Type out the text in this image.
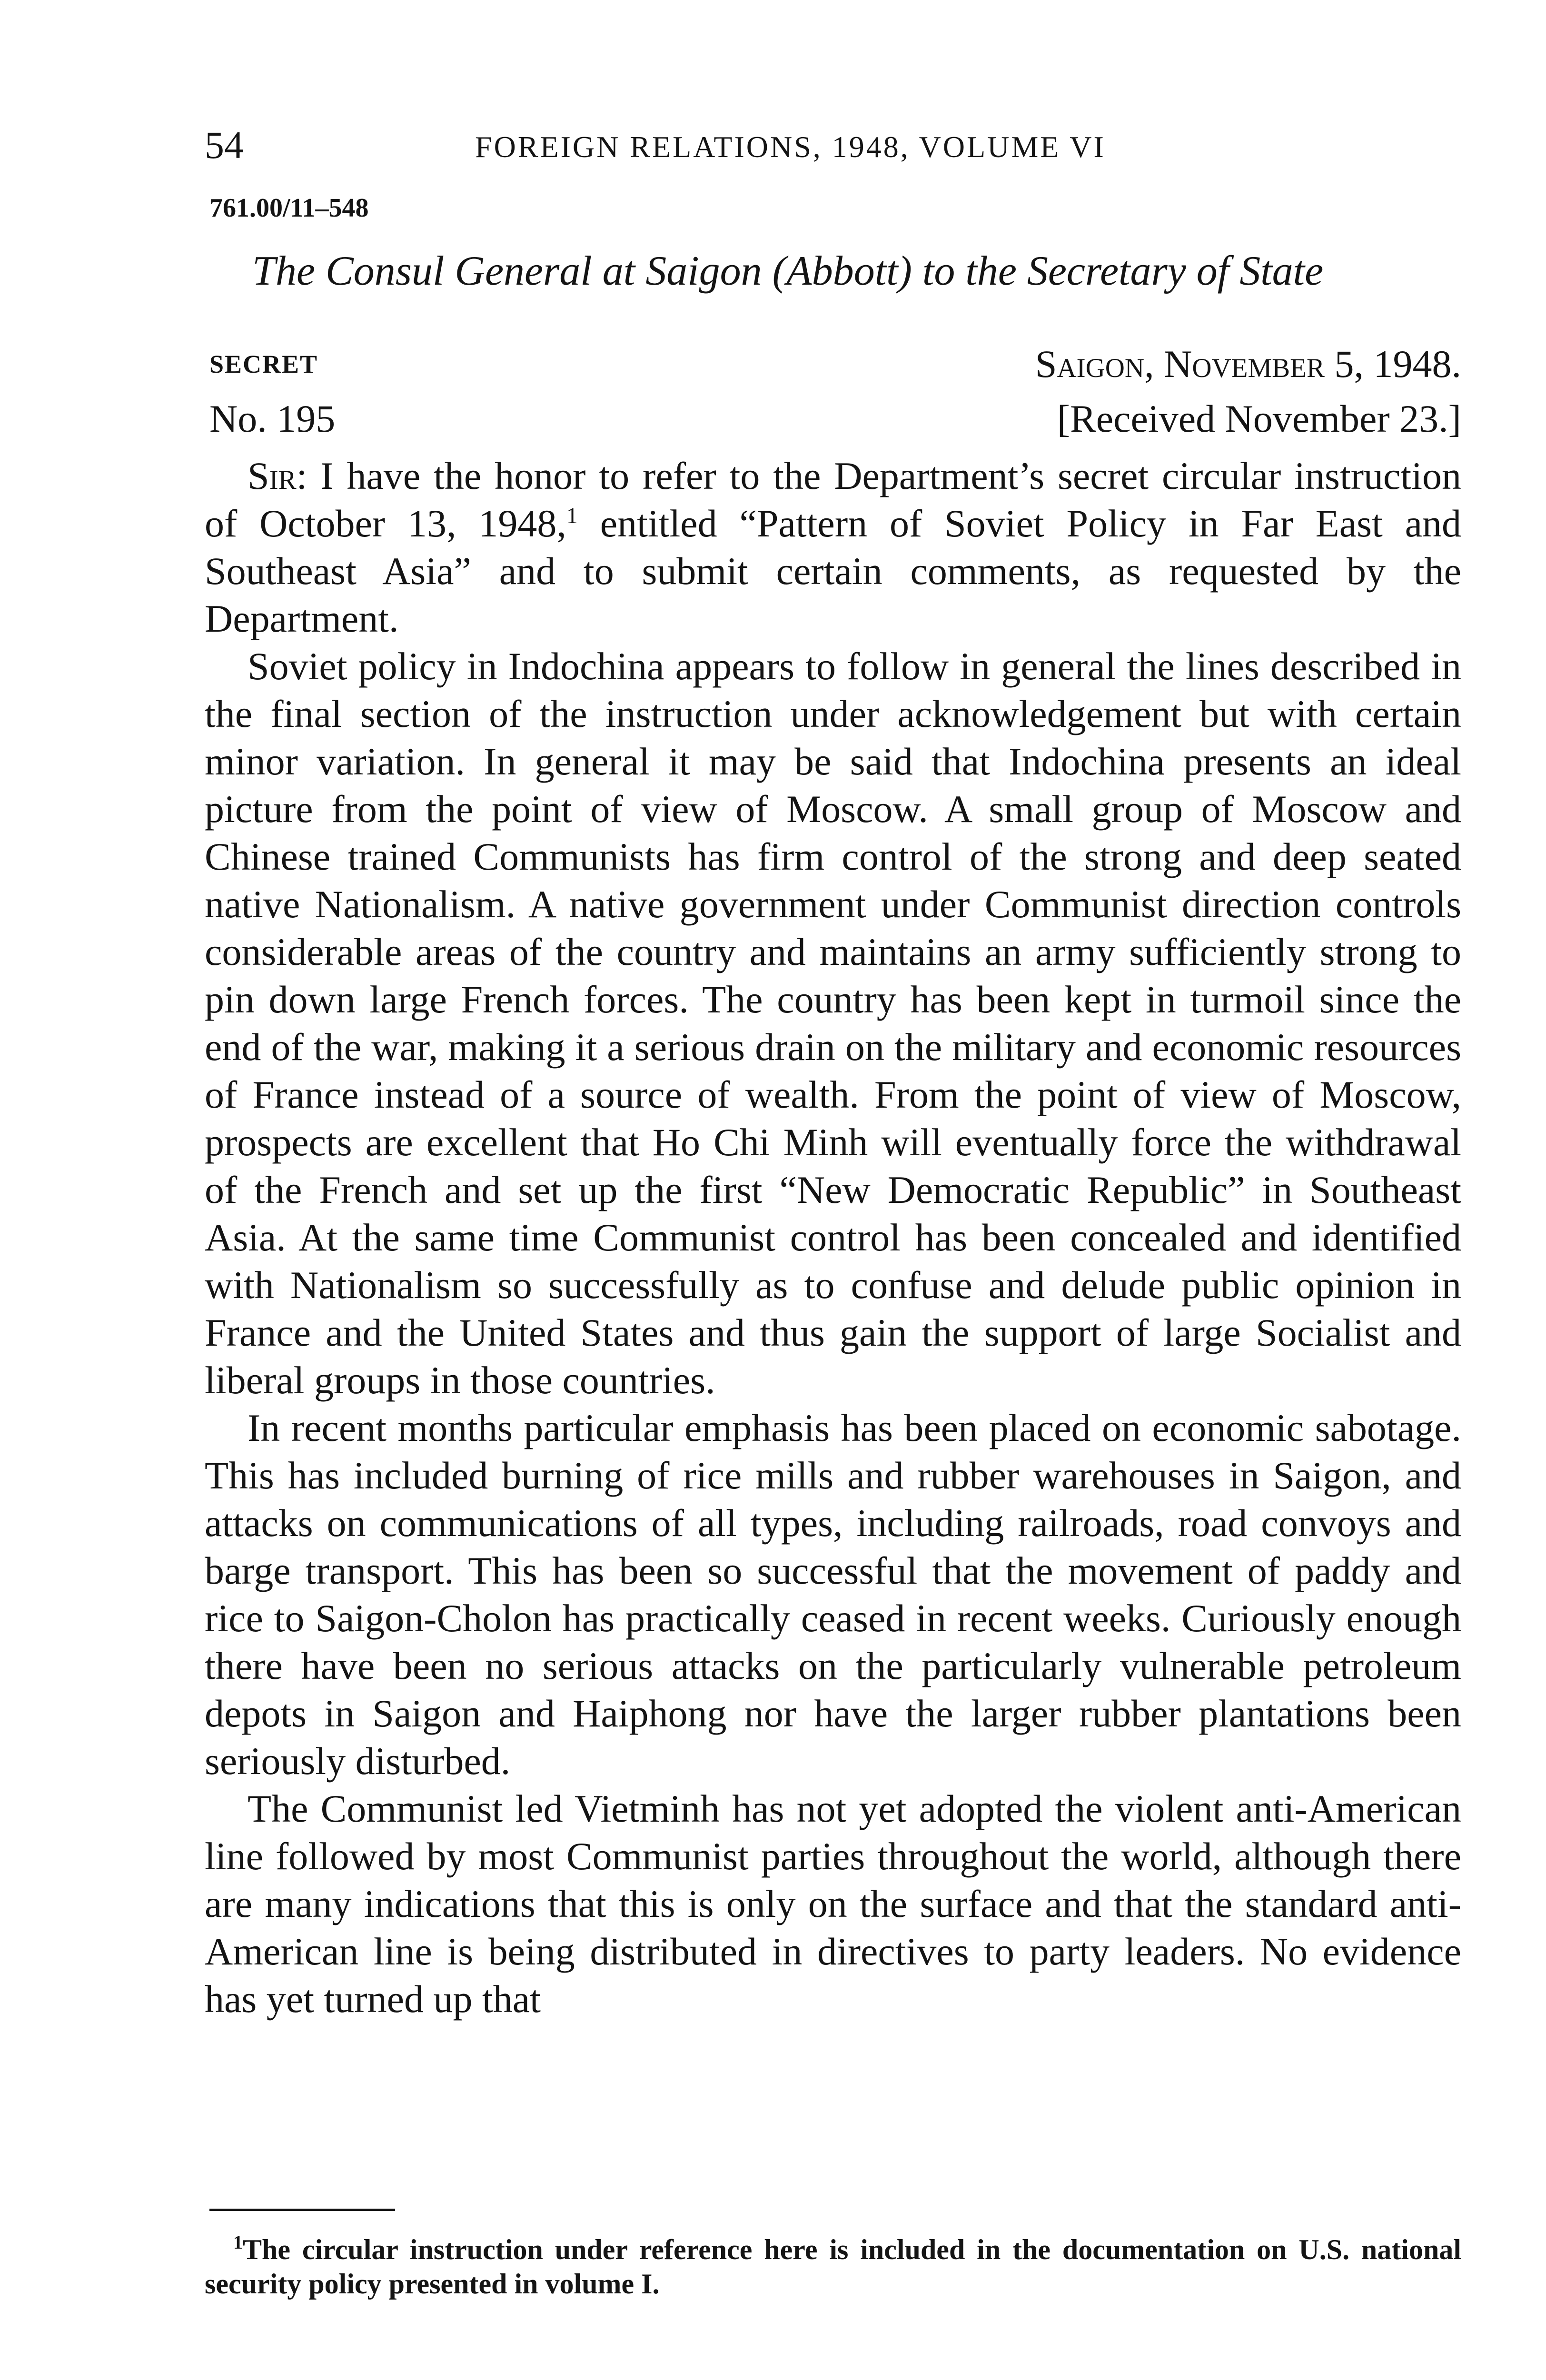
54	FOREIGN RELATIONS, 1948, VOLUME VI
761.00/11–548
The Consul General at Saigon (Abbott) to the Secretary of State
SECRET	Saigon, November 5, 1948.
No. 195	[Received November 23.]

Sir: I have the honor to refer to the Department’s secret circular instruction of October 13, 1948,$^1$ entitled “Pattern of Soviet Policy in Far East and Southeast Asia” and to submit certain comments, as requested by the Department.

Soviet policy in Indochina appears to follow in general the lines described in the final section of the instruction under acknowledgement but with certain minor variation. In general it may be said that Indochina presents an ideal picture from the point of view of Moscow. A small group of Moscow and Chinese trained Communists has firm control of the strong and deep seated native Nationalism. A native government under Communist direction controls considerable areas of the country and maintains an army sufficiently strong to pin down large French forces. The country has been kept in turmoil since the end of the war, making it a serious drain on the military and economic resources of France instead of a source of wealth. From the point of view of Moscow, prospects are excellent that Ho Chi Minh will eventually force the withdrawal of the French and set up the first “New Democratic Republic” in Southeast Asia. At the same time Communist control has been concealed and identified with Nationalism so successfully as to confuse and delude public opinion in France and the United States and thus gain the support of large Socialist and liberal groups in those countries.

In recent months particular emphasis has been placed on economic sabotage. This has included burning of rice mills and rubber warehouses in Saigon, and attacks on communications of all types, including railroads, road convoys and barge transport. This has been so successful that the movement of paddy and rice to Saigon-Cholon has practically ceased in recent weeks. Curiously enough there have been no serious attacks on the particularly vulnerable petroleum depots in Saigon and Haiphong nor have the larger rubber plantations been seriously disturbed.

The Communist led Vietminh has not yet adopted the violent anti-American line followed by most Communist parties throughout the world, although there are many indications that this is only on the surface and that the standard anti-American line is being distributed in directives to party leaders. No evidence has yet turned up that

$^1$The circular instruction under reference here is included in the documentation on U.S. national security policy presented in volume I.
